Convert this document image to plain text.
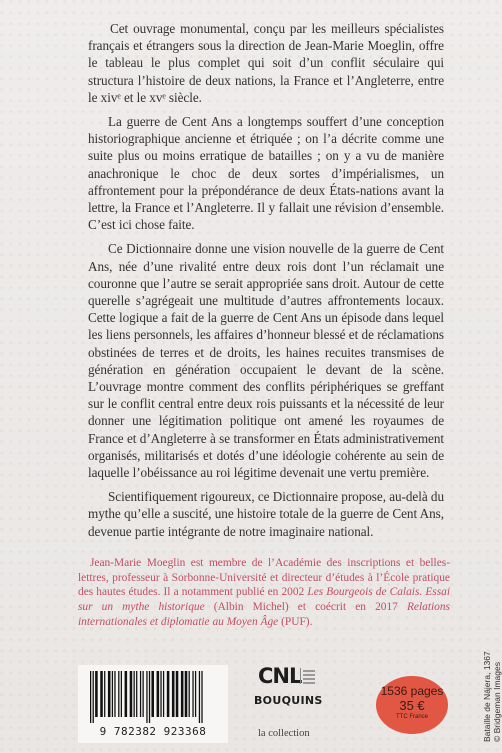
Cet ouvrage monumental, conçu par les meilleurs spécialistes français et étrangers sous la direction de Jean-Marie Moeglin, offre le tableau le plus complet qui soit d’un conflit séculaire qui structura l’histoire de deux nations, la France et l’Angleterre, entre le xivᵉ et le xvᵉ siècle.

La guerre de Cent Ans a longtemps souffert d’une conception historiographique ancienne et étriquée ; on l’a décrite comme une suite plus ou moins erratique de batailles ; on y a vu de manière anachronique le choc de deux sortes d’impérialismes, un affrontement pour la prépondérance de deux États-nations avant la lettre, la France et l’Angleterre. Il y fallait une révision d’ensemble. C’est ici chose faite.

Ce Dictionnaire donne une vision nouvelle de la guerre de Cent Ans, née d’une rivalité entre deux rois dont l’un réclamait une couronne que l’autre se serait appropriée sans droit. Autour de cette querelle s’agrégeait une multitude d’autres affrontements locaux. Cette logique a fait de la guerre de Cent Ans un épisode dans lequel les liens personnels, les affaires d’honneur blessé et de réclamations obstinées de terres et de droits, les haines recuites transmises de génération en génération occupaient le devant de la scène. L’ouvrage montre comment des conflits périphériques se greffant sur le conflit central entre deux rois puissants et la nécessité de leur donner une légitimation politique ont amené les royaumes de France et d’Angleterre à se transformer en États administrativement organisés, militarisés et dotés d’une idéologie cohérente au sein de laquelle l’obéissance au roi légitime devenait une vertu première.

Scientifiquement rigoureux, ce Dictionnaire propose, au-delà du mythe qu’elle a suscité, une histoire totale de la guerre de Cent Ans, devenue partie intégrante de notre imaginaire national.

Jean-Marie Moeglin est membre de l’Académie des inscriptions et belles-lettres, professeur à Sorbonne-Université et directeur d’études à l’École pratique des hautes études. Il a notamment publié en 2002 Les Bourgeois de Calais. Essai sur un mythe historique (Albin Michel) et coécrit en 2017 Relations internationales et diplomatie au Moyen Âge (PUF).
9 782382 923368
CNL
BOUQUINS
la collection
1536 pages
35 €
TTC France	Bataille de Nájera, 1367 © Bridgeman Images
